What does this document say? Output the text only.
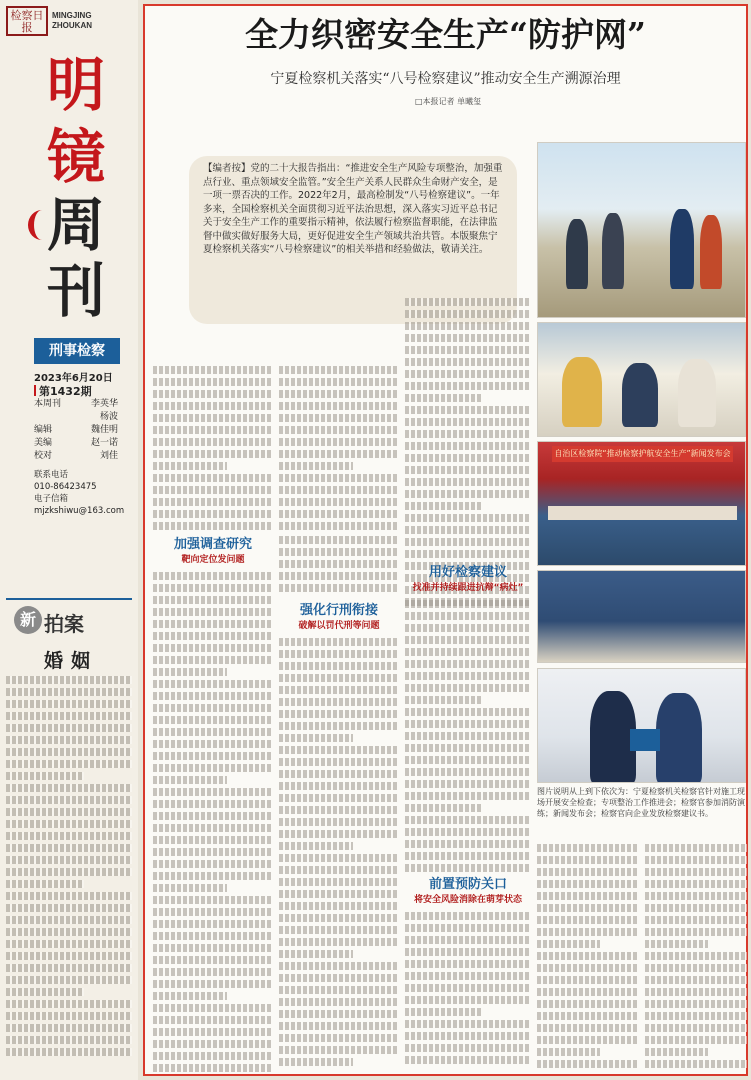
检察日报
MINGJING
ZHOUKAN
明
镜
周
刊
刑事检察
2023年6月20日
第1432期
本周刊	李英华
杨波
编辑	魏佳明
美编	赵一诺
校对	刘佳
联系电话
010-86423475
电子信箱
mjzkshiwu@163.com
新 拍案
婚姻
全力织密安全生产“防护网”
宁夏检察机关落实“八号检察建议”推动安全生产溯源治理
□本报记者 单曦玺
【编者按】党的二十大报告指出：“推进安全生产风险专项整治，加强重点行业、重点领域安全监管。”安全生产关系人民群众生命财产安全，是一项一票否决的工作。2022年2月，最高检制发“八号检察建议”。一年多来，全国检察机关全面贯彻习近平法治思想，深入落实习近平总书记关于安全生产工作的重要指示精神，依法履行检察监督职能，在法律监督中做实做好服务大局，更好促进安全生产领域共治共管。本版聚焦宁夏检察机关落实“八号检察建议”的相关举措和经验做法，敬请关注。
加强调查研究
靶向定位发问题
强化行刑衔接
破解以罚代刑等问题
用好检察建议
找准并持续跟进抗辩“病灶”
前置预防关口
将安全风险消除在萌芽状态
自治区检察院“推动检察护航安全生产”新闻发布会
图片说明从上到下依次为：宁夏检察机关检察官针对施工现场开展安全检查；专项整治工作推进会；检察官参加消防演练；新闻发布会；检察官向企业发放检察建议书。
